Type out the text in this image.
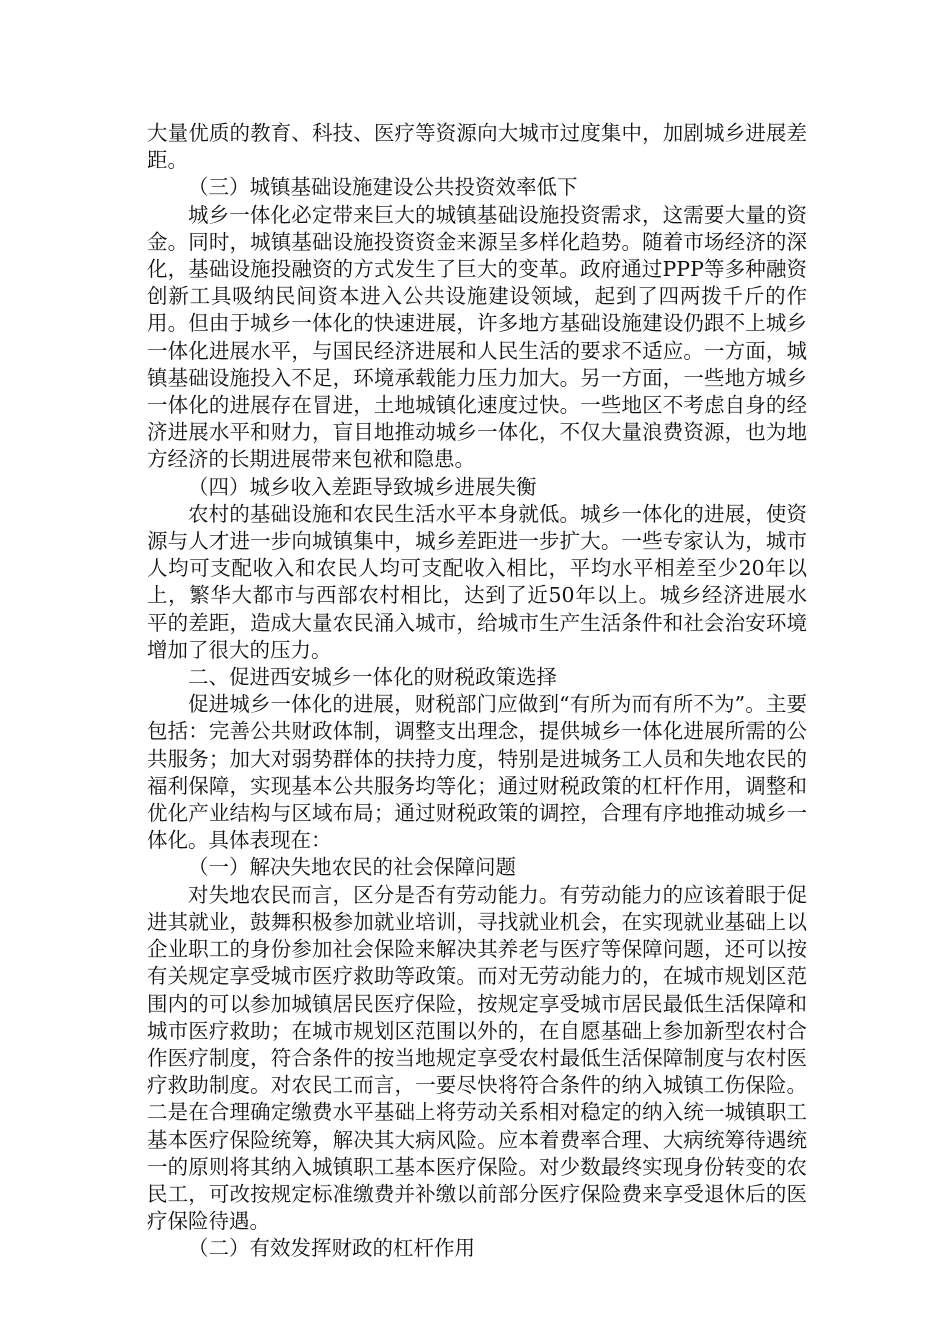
大量优质的教育、科技、医疗等资源向大城市过度集中，加剧城乡进展差距。

（三）城镇基础设施建设公共投资效率低下

城乡一体化必定带来巨大的城镇基础设施投资需求，这需要大量的资金。同时，城镇基础设施投资资金来源呈多样化趋势。随着市场经济的深化，基础设施投融资的方式发生了巨大的变革。政府通过PPP等多种融资创新工具吸纳民间资本进入公共设施建设领域，起到了四两拨千斤的作用。但由于城乡一体化的快速进展，许多地方基础设施建设仍跟不上城乡一体化进展水平，与国民经济进展和人民生活的要求不适应。一方面，城镇基础设施投入不足，环境承载能力压力加大。另一方面，一些地方城乡一体化的进展存在冒进，土地城镇化速度过快。一些地区不考虑自身的经济进展水平和财力，盲目地推动城乡一体化，不仅大量浪费资源，也为地方经济的长期进展带来包袱和隐患。

（四）城乡收入差距导致城乡进展失衡

农村的基础设施和农民生活水平本身就低。城乡一体化的进展，使资源与人才进一步向城镇集中，城乡差距进一步扩大。一些专家认为，城市人均可支配收入和农民人均可支配收入相比，平均水平相差至少20年以上，繁华大都市与西部农村相比，达到了近50年以上。城乡经济进展水平的差距，造成大量农民涌入城市，给城市生产生活条件和社会治安环境增加了很大的压力。

二、促进西安城乡一体化的财税政策选择

促进城乡一体化的进展，财税部门应做到“有所为而有所不为”。主要包括：完善公共财政体制，调整支出理念，提供城乡一体化进展所需的公共服务；加大对弱势群体的扶持力度，特别是进城务工人员和失地农民的福利保障，实现基本公共服务均等化；通过财税政策的杠杆作用，调整和优化产业结构与区域布局；通过财税政策的调控，合理有序地推动城乡一体化。具体表现在：

（一）解决失地农民的社会保障问题

对失地农民而言，区分是否有劳动能力。有劳动能力的应该着眼于促进其就业，鼓舞积极参加就业培训，寻找就业机会，在实现就业基础上以企业职工的身份参加社会保险来解决其养老与医疗等保障问题，还可以按有关规定享受城市医疗救助等政策。而对无劳动能力的，在城市规划区范围内的可以参加城镇居民医疗保险，按规定享受城市居民最低生活保障和城市医疗救助；在城市规划区范围以外的，在自愿基础上参加新型农村合作医疗制度，符合条件的按当地规定享受农村最低生活保障制度与农村医疗救助制度。对农民工而言，一要尽快将符合条件的纳入城镇工伤保险。二是在合理确定缴费水平基础上将劳动关系相对稳定的纳入统一城镇职工基本医疗保险统筹，解决其大病风险。应本着费率合理、大病统筹待遇统一的原则将其纳入城镇职工基本医疗保险。对少数最终实现身份转变的农民工，可改按规定标准缴费并补缴以前部分医疗保险费来享受退休后的医疗保险待遇。

（二）有效发挥财政的杠杆作用
